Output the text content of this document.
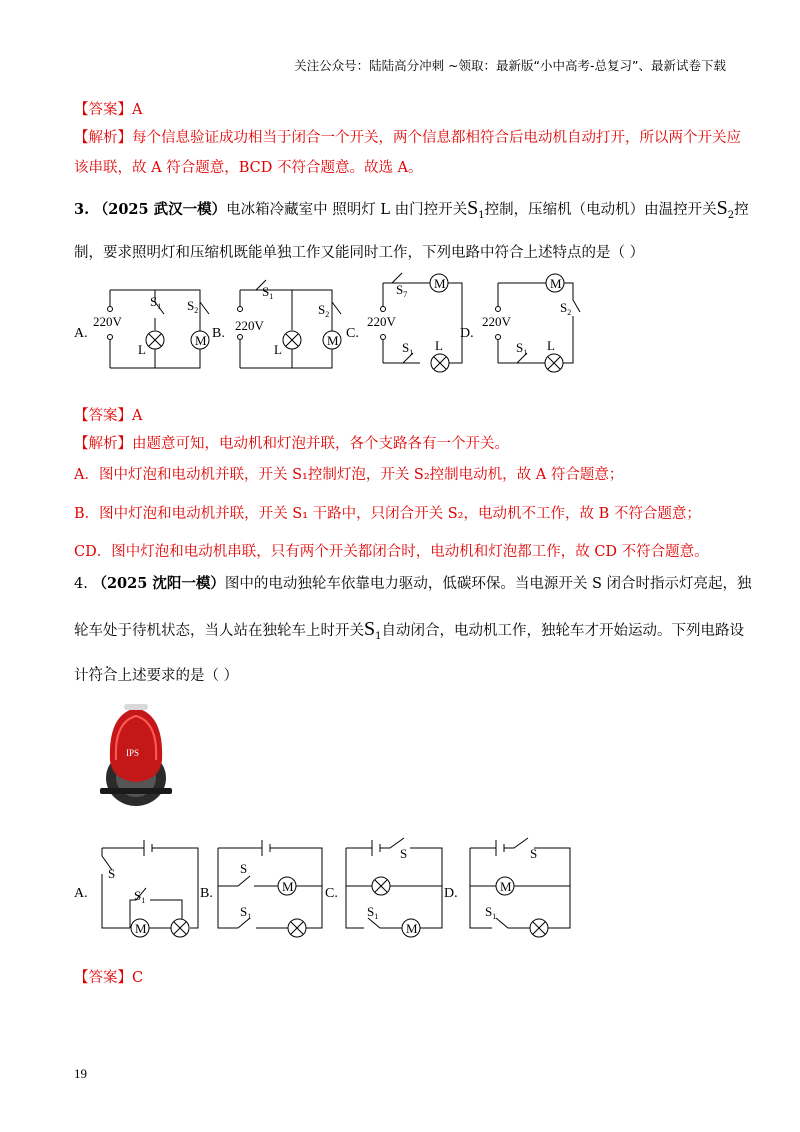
关注公众号：陆陆高分冲刺 ~领取：最新版“小中高考-总复习”、最新试卷下载
【答案】A
【解析】每个信息验证成功相当于闭合一个开关，两个信息都相符合后电动机自动打开，所以两个开关应
该串联，故 A 符合题意，BCD 不符合题意。故选 A。
3. （2025 武汉一模）电冰箱冷藏室中 照明灯 L 由门控开关$S_1$控制，压缩机（电动机）由温控开关$S_2$控
制，要求照明灯和压缩机既能单独工作又能同时工作，下列电路中符合上述特点的是（ ）
$S_1$ $S_2$
220V
L
M
$S_1$
$S_2$
220V
L
M
$S_7$
220V
$S_1$ L
M	M
220V
$S_2$
$S_1$ L
A.	B.	C.	D.
【答案】A
【解析】由题意可知，电动机和灯泡并联，各个支路各有一个开关。
A．图中灯泡和电动机并联，开关 S₁控制灯泡，开关 S₂控制电动机，故 A 符合题意；
B．图中灯泡和电动机并联，开关 S₁ 干路中，只闭合开关 S₂，电动机不工作，故 B 不符合题意；
CD．图中灯泡和电动机串联，只有两个开关都闭合时，电动机和灯泡都工作，故 CD 不符合题意。
4. （2025 沈阳一模）图中的电动独轮车依靠电力驱动，低碳环保。当电源开关 S 闭合时指示灯亮起，独
轮车处于待机状态，当人站在独轮车上时开关$S_1$自动闭合，电动机工作，独轮车才开始运动。下列电路设
. .
计符合上述要求的是（ ）
IPS
S
$S_1$
M
S
$S_1$
M
S
$S_1$
M
S
$S_1$
M
A.	B.	C.	D.
【答案】C
19
